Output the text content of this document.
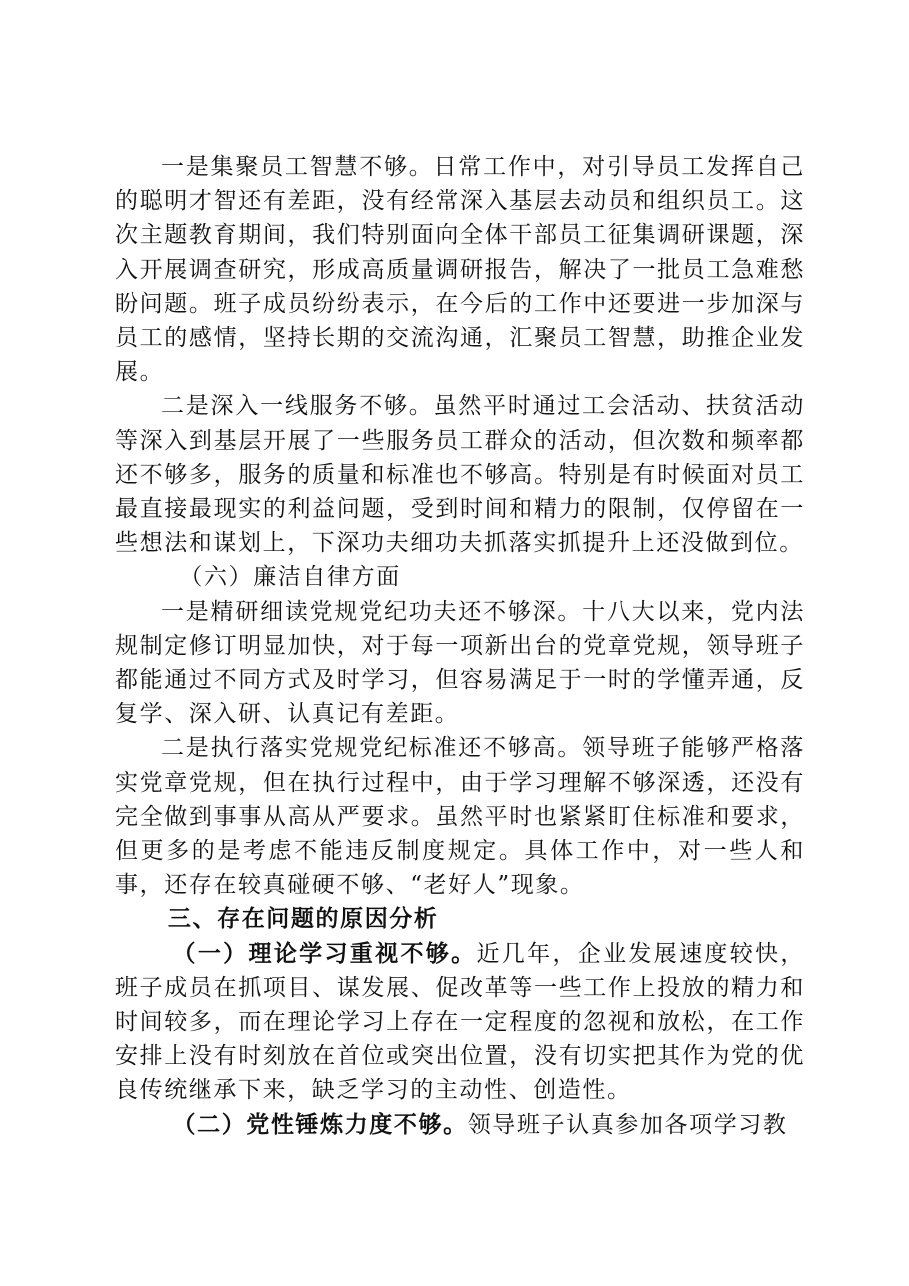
一是集聚员工智慧不够。日常工作中，对引导员工发挥自己的聪明才智还有差距，没有经常深入基层去动员和组织员工。这次主题教育期间，我们特别面向全体干部员工征集调研课题，深入开展调查研究，形成高质量调研报告，解决了一批员工急难愁盼问题。班子成员纷纷表示，在今后的工作中还要进一步加深与员工的感情，坚持长期的交流沟通，汇聚员工智慧，助推企业发展。

二是深入一线服务不够。虽然平时通过工会活动、扶贫活动等深入到基层开展了一些服务员工群众的活动，但次数和频率都还不够多，服务的质量和标准也不够高。特别是有时候面对员工最直接最现实的利益问题，受到时间和精力的限制，仅停留在一些想法和谋划上，下深功夫细功夫抓落实抓提升上还没做到位。

（六）廉洁自律方面

一是精研细读党规党纪功夫还不够深。十八大以来，党内法规制定修订明显加快，对于每一项新出台的党章党规，领导班子都能通过不同方式及时学习，但容易满足于一时的学懂弄通，反复学、深入研、认真记有差距。

二是执行落实党规党纪标准还不够高。领导班子能够严格落实党章党规，但在执行过程中，由于学习理解不够深透，还没有完全做到事事从高从严要求。虽然平时也紧紧盯住标准和要求，但更多的是考虑不能违反制度规定。具体工作中，对一些人和事，还存在较真碰硬不够、“老好人”现象。

三、存在问题的原因分析

（一）理论学习重视不够。近几年，企业发展速度较快，班子成员在抓项目、谋发展、促改革等一些工作上投放的精力和时间较多，而在理论学习上存在一定程度的忽视和放松，在工作安排上没有时刻放在首位或突出位置，没有切实把其作为党的优良传统继承下来，缺乏学习的主动性、创造性。

（二）党性锤炼力度不够。领导班子认真参加各项学习教
